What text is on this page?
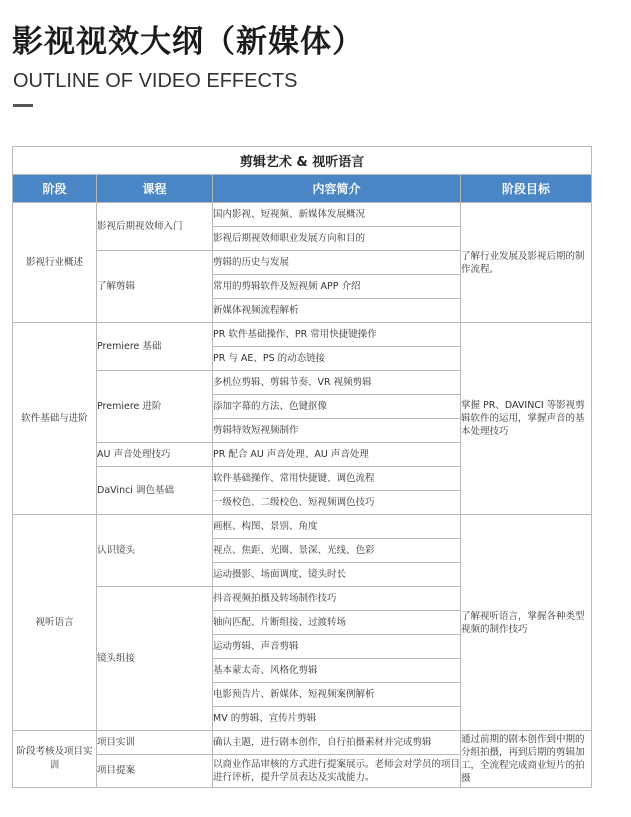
影视视效大纲（新媒体）
OUTLINE OF VIDEO EFFECTS
剪辑艺术 & 视听语言			
阶段	课程	内容简介	阶段目标
影视行业概述	影视后期视效师入门	国内影视、短视频、新媒体发展概况	了解行业发展及影视后期的制作流程,
		影视后期视效师职业发展方向和目的	
	了解剪辑	剪辑的历史与发展	
		常用的剪辑软件及短视频 APP 介绍	
		新媒体视频流程解析	
软件基础与进阶	Premiere 基础	PR 软件基础操作、PR 常用快捷键操作	掌握 PR、DAVINCI 等影视剪辑软件的运用，掌握声音的基本处理技巧
		PR 与 AE、PS 的动态链接	
	Premiere 进阶	多机位剪辑、剪辑节奏、VR 视频剪辑	
		添加字幕的方法、色键抠像	
		剪辑特效短视频制作	
	AU 声音处理技巧	PR 配合 AU 声音处理、AU 声音处理	
	DaVinci 调色基础	软件基础操作、常用快捷键、调色流程	
		一级校色、二级校色、短视频调色技巧	
视听语言	认识镜头	画框、构图、景别、角度	了解视听语言，掌握各种类型视频的制作技巧
		视点、焦距、光圈、景深、光线、色彩	
		运动摄影、场面调度、镜头时长	
	镜头组接	抖音视频拍摄及转场制作技巧	
		轴向匹配、片断组接、过渡转场	
		运动剪辑、声音剪辑	
		基本蒙太奇、风格化剪辑	
		电影预告片、新媒体、短视频案例解析	
		MV 的剪辑、宣传片剪辑	
阶段考核及项目实训	项目实训	确认主题，进行剧本创作，自行拍摄素材并完成剪辑	通过前期的剧本创作到中期的分组拍摄，再到后期的剪辑加工，全流程完成商业短片的拍摄
	项目提案	以商业作品审核的方式进行提案展示。老师会对学员的项目进行评析，提升学员表达及实战能力。	
